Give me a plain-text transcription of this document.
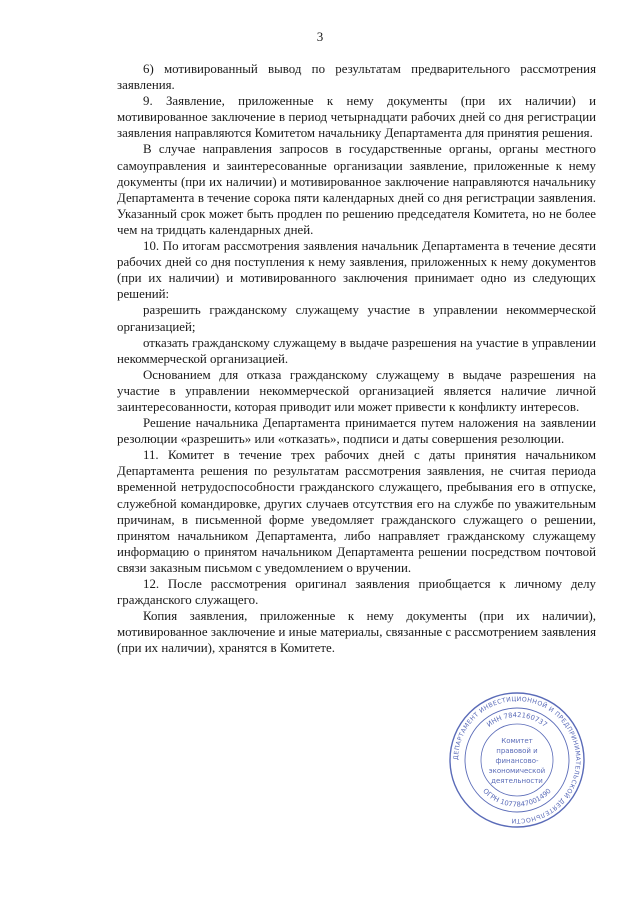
3

6) мотивированный вывод по результатам предварительного рассмотрения заявления.

9. Заявление, приложенные к нему документы (при их наличии) и мотивированное заключение в период четырнадцати рабочих дней со дня регистрации заявления направляются Комитетом начальнику Департамента для принятия решения.

В случае направления запросов в государственные органы, органы местного самоуправления и заинтересованные организации заявление, приложенные к нему документы (при их наличии) и мотивированное заключение направляются начальнику Департамента в течение сорока пяти календарных дней со дня регистрации заявления. Указанный срок может быть продлен по решению председателя Комитета, но не более чем на тридцать календарных дней.

10. По итогам рассмотрения заявления начальник Департамента в течение десяти рабочих дней со дня поступления к нему заявления, приложенных к нему документов (при их наличии) и мотивированного заключения принимает одно из следующих решений:

разрешить гражданскому служащему участие в управлении некоммерческой организацией;

отказать гражданскому служащему в выдаче разрешения на участие в управлении некоммерческой организацией.

Основанием для отказа гражданскому служащему в выдаче разрешения на участие в управлении некоммерческой организацией является наличие личной заинтересованности, которая приводит или может привести к конфликту интересов.

Решение начальника Департамента принимается путем наложения на заявлении резолюции «разрешить» или «отказать», подписи и даты совершения резолюции.

11. Комитет в течение трех рабочих дней с даты принятия начальником Департамента решения по результатам рассмотрения заявления, не считая периода временной нетрудоспособности гражданского служащего, пребывания его в отпуске, служебной командировке, других случаев отсутствия его на службе по уважительным причинам, в письменной форме уведомляет гражданского служащего о решении, принятом начальником Департамента, либо направляет гражданскому служащему информацию о принятом начальником Департамента решении посредством почтовой связи заказным письмом с уведомлением о вручении.

12. После рассмотрения оригинал заявления приобщается к личному делу гражданского служащего.

Копия заявления, приложенные к нему документы (при их наличии), мотивированное заключение и иные материалы, связанные с рассмотрением заявления (при их наличии), хранятся в Комитете.

ДЕПАРТАМЕНТ ИНВЕСТИЦИОННОЙ И ПРЕДПРИНИМАТЕЛЬСКОЙ ДЕЯТЕЛЬНОСТИ
ИНН 7842160737
ОГРН 1077847001490
Комитет
правовой и
финансово-
экономической
деятельности
